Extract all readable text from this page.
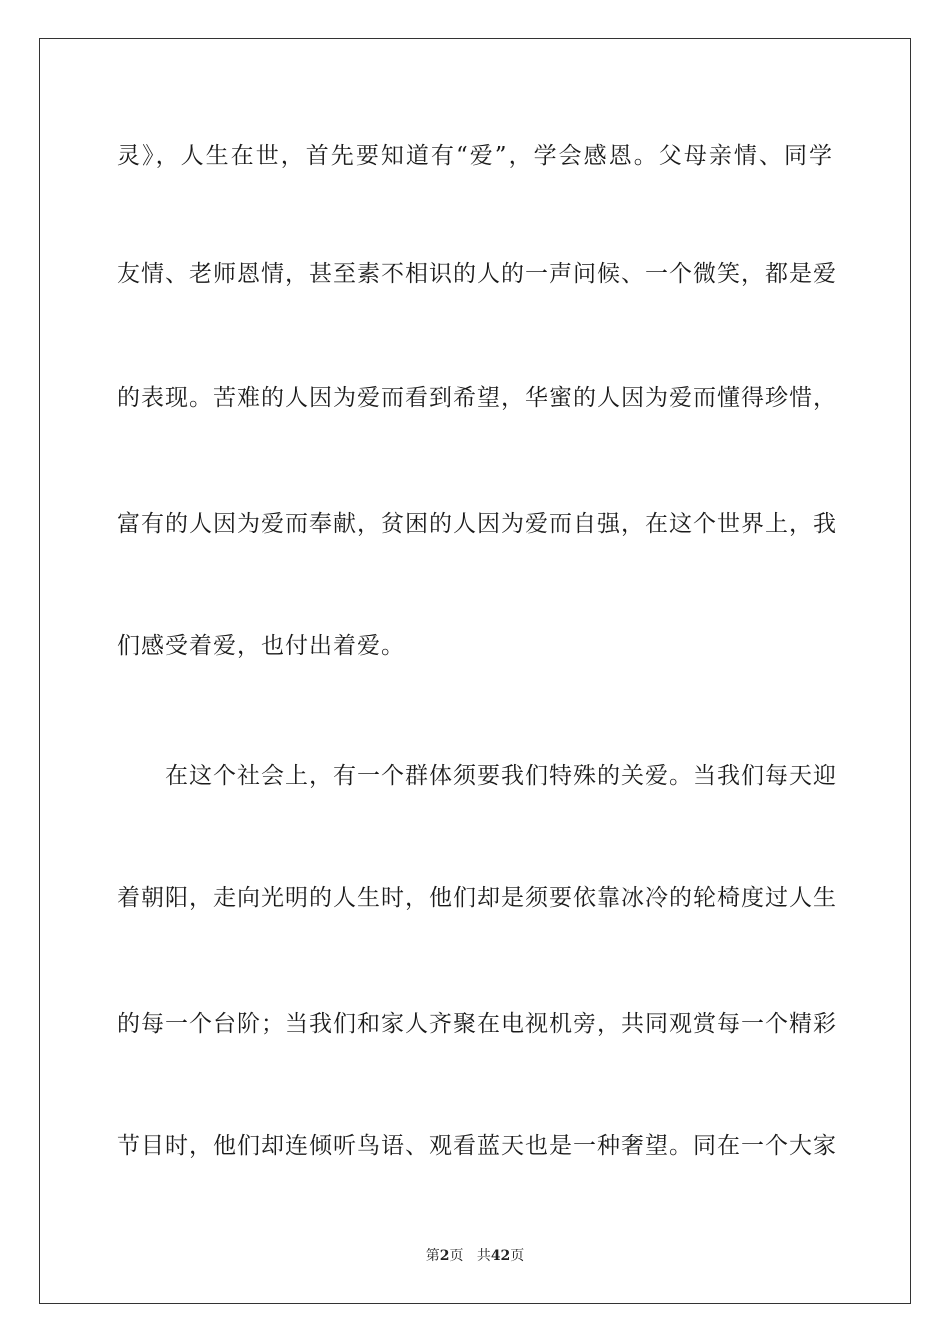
灵》，人生在世，首先要知道有“爱”，学会感恩。父母亲情、同学
友情、老师恩情，甚至素不相识的人的一声问候、一个微笑，都是爱
的表现。苦难的人因为爱而看到希望，华蜜的人因为爱而懂得珍惜，
富有的人因为爱而奉献，贫困的人因为爱而自强，在这个世界上，我
们感受着爱，也付出着爱。
在这个社会上，有一个群体须要我们特殊的关爱。当我们每天迎
着朝阳，走向光明的人生时，他们却是须要依靠冰冷的轮椅度过人生
的每一个台阶；当我们和家人齐聚在电视机旁，共同观赏每一个精彩
节目时，他们却连倾听鸟语、观看蓝天也是一种奢望。同在一个大家
第2页 共42页
